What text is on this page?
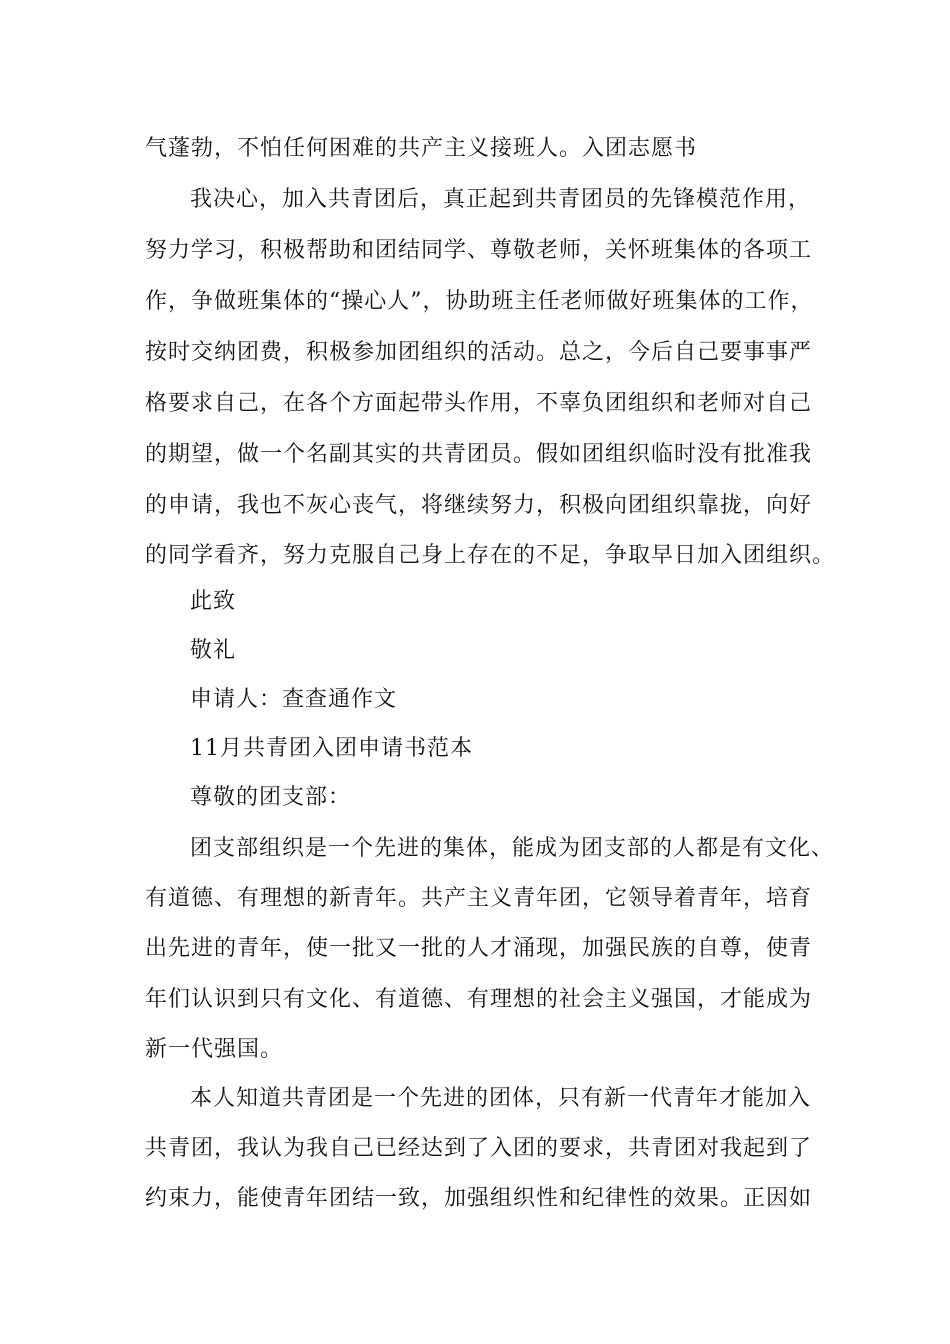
气蓬勃，不怕任何困难的共产主义接班人。入团志愿书
我决心，加入共青团后，真正起到共青团员的先锋模范作用，
努力学习，积极帮助和团结同学、尊敬老师，关怀班集体的各项工
作，争做班集体的“操心人”，协助班主任老师做好班集体的工作，
按时交纳团费，积极参加团组织的活动。总之，今后自己要事事严
格要求自己，在各个方面起带头作用，不辜负团组织和老师对自己
的期望，做一个名副其实的共青团员。假如团组织临时没有批准我
的申请，我也不灰心丧气，将继续努力，积极向团组织靠拢，向好
的同学看齐，努力克服自己身上存在的不足，争取早日加入团组织。
此致
敬礼
申请人：查查通作文
11月共青团入团申请书范本
尊敬的团支部：
团支部组织是一个先进的集体，能成为团支部的人都是有文化、
有道德、有理想的新青年。共产主义青年团，它领导着青年，培育
出先进的青年，使一批又一批的人才涌现，加强民族的自尊，使青
年们认识到只有文化、有道德、有理想的社会主义强国，才能成为
新一代强国。
本人知道共青团是一个先进的团体，只有新一代青年才能加入
共青团，我认为我自己已经达到了入团的要求，共青团对我起到了
约束力，能使青年团结一致，加强组织性和纪律性的效果。正因如
